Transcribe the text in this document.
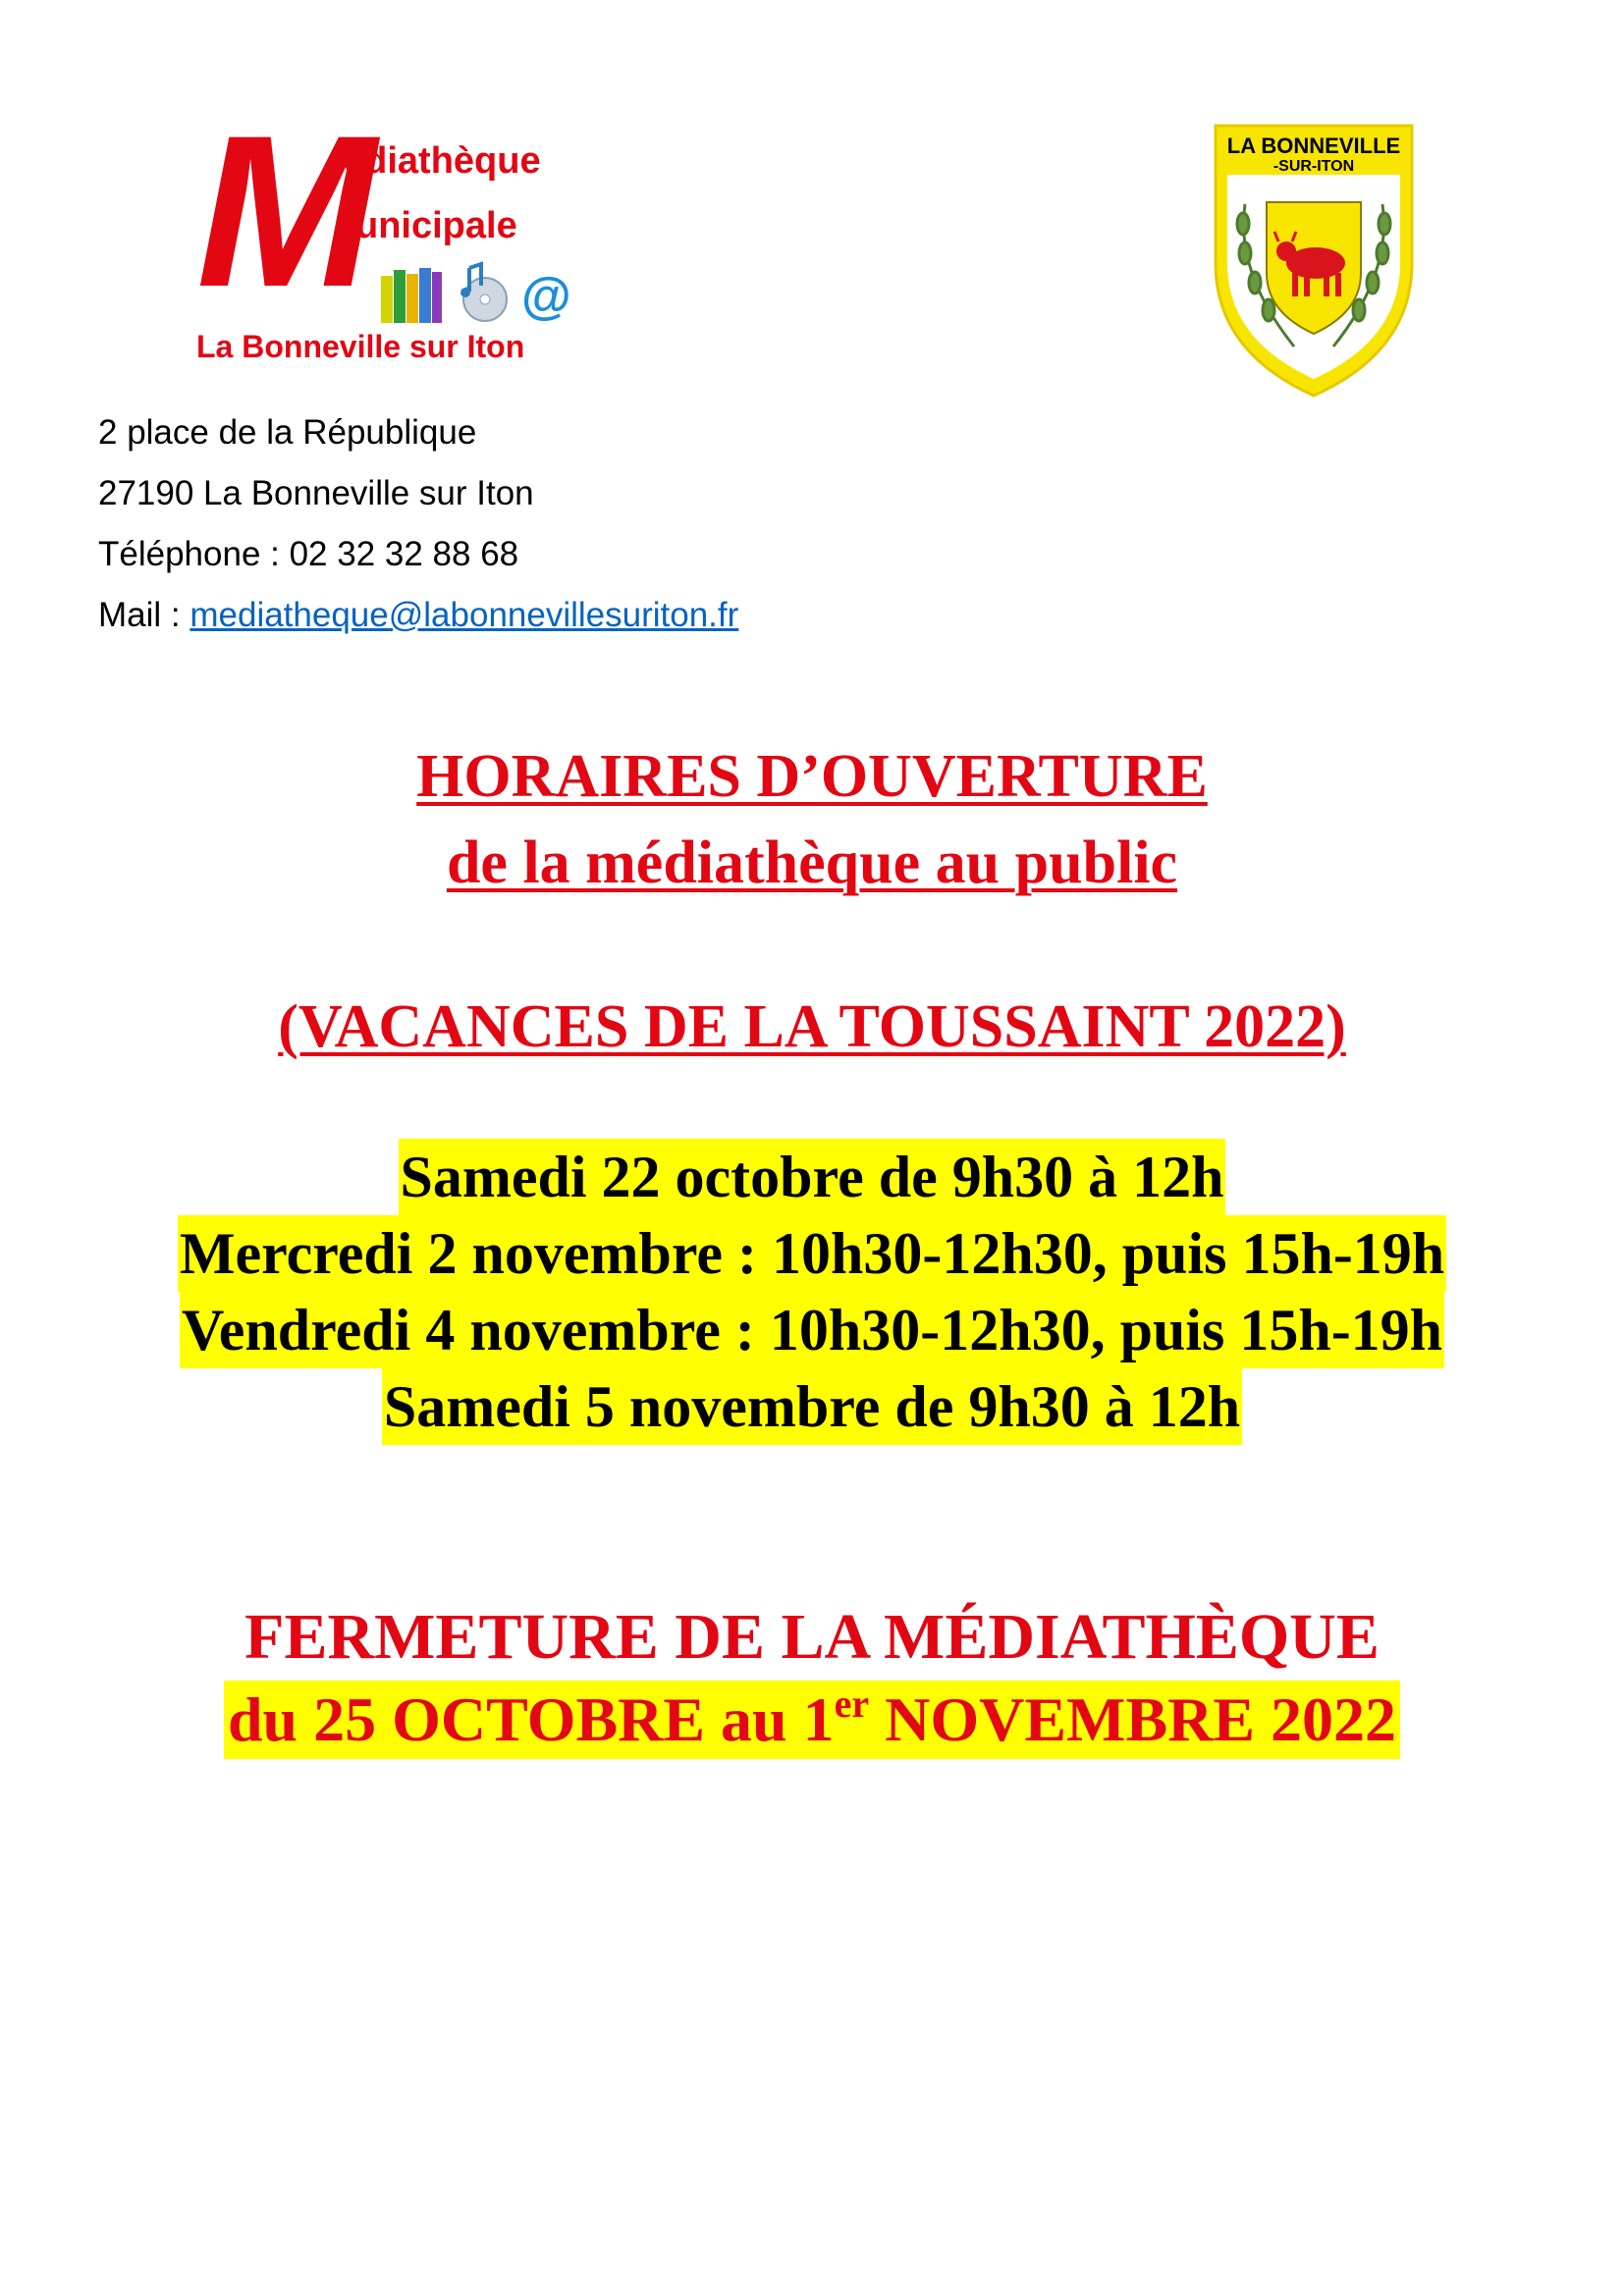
M
édiathèque
unicipale
@
La Bonneville sur Iton
LA BONNEVILLE
-SUR-ITON
2 place de la République
27190 La Bonneville sur Iton
Téléphone : 02 32 32 88 68
Mail : mediatheque@labonnevillesuriton.fr
HORAIRES D’OUVERTURE
de la médiathèque au public
(VACANCES DE LA TOUSSAINT 2022)
Samedi 22 octobre de 9h30 à 12h
Mercredi 2 novembre : 10h30-12h30, puis 15h-19h
Vendredi 4 novembre : 10h30-12h30, puis 15h-19h
Samedi 5 novembre de 9h30 à 12h
FERMETURE DE LA MÉDIATHÈQUE
du 25 OCTOBRE au 1er NOVEMBRE 2022
